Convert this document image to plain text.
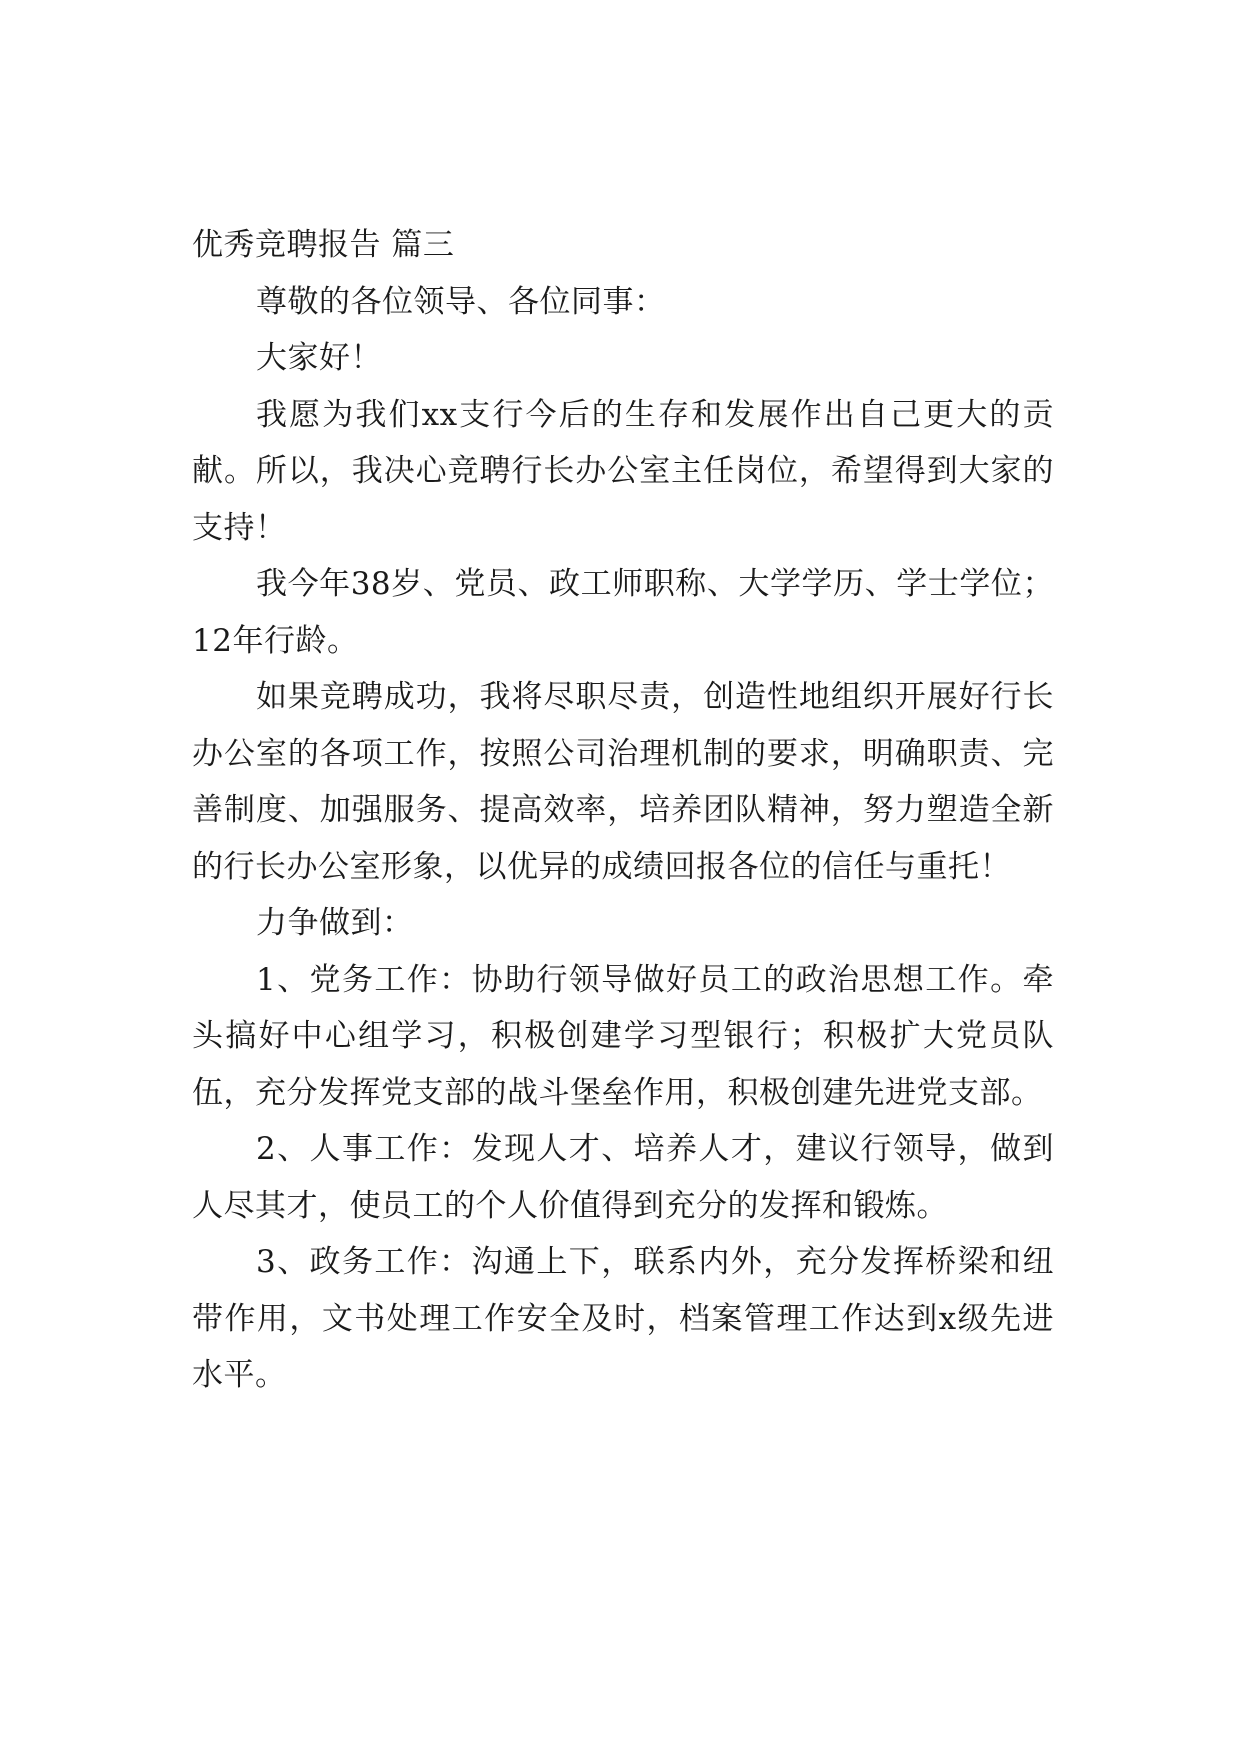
优秀竞聘报告 篇三

尊敬的各位领导、各位同事：

大家好！

我愿为我们xx支行今后的生存和发展作出自己更大的贡献。所以，我决心竞聘行长办公室主任岗位，希望得到大家的支持！

我今年38岁、党员、政工师职称、大学学历、学士学位；12年行龄。

如果竞聘成功，我将尽职尽责，创造性地组织开展好行长办公室的各项工作，按照公司治理机制的要求，明确职责、完善制度、加强服务、提高效率，培养团队精神，努力塑造全新的行长办公室形象，以优异的成绩回报各位的信任与重托！

力争做到：

1、党务工作：协助行领导做好员工的政治思想工作。牵头搞好中心组学习，积极创建学习型银行；积极扩大党员队伍，充分发挥党支部的战斗堡垒作用，积极创建先进党支部。

2、人事工作：发现人才、培养人才，建议行领导，做到人尽其才，使员工的个人价值得到充分的发挥和锻炼。

3、政务工作：沟通上下，联系内外，充分发挥桥梁和纽带作用，文书处理工作安全及时，档案管理工作达到x级先进水平。
